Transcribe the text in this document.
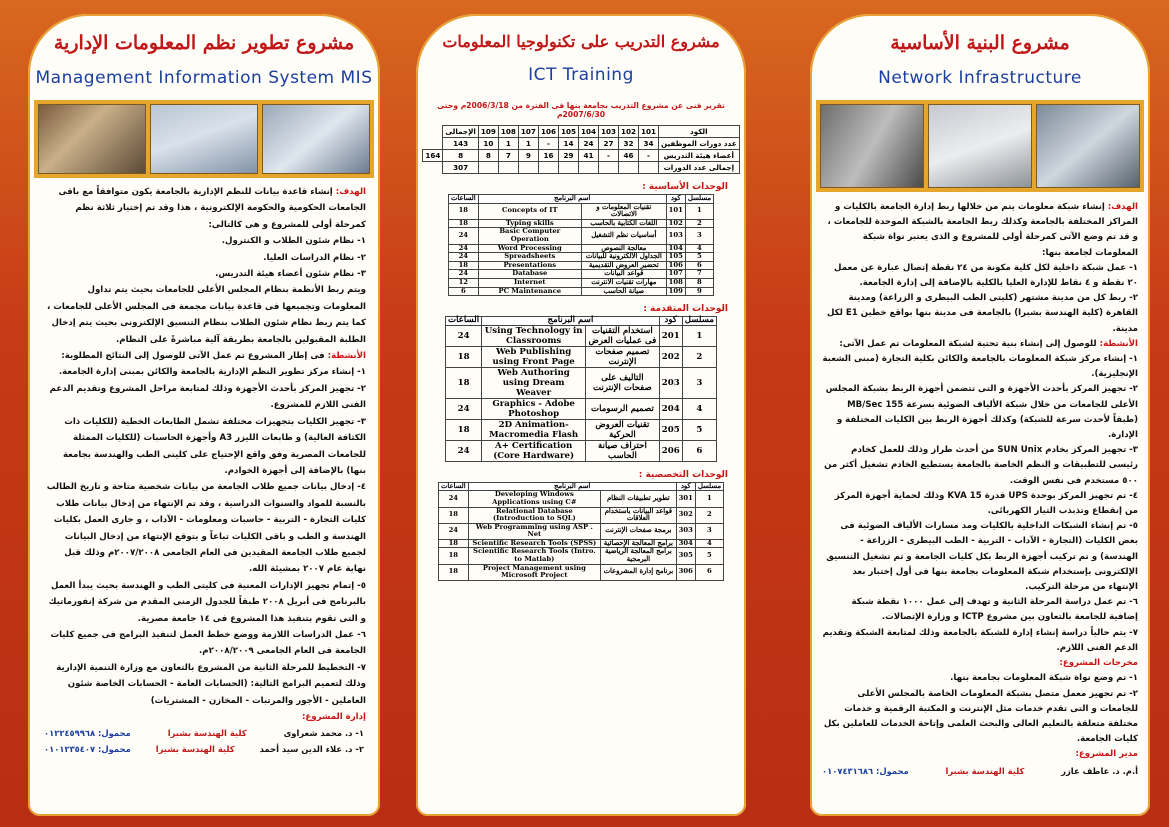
مشروع تطوير نظم المعلومات الإدارية
Management Information System MIS

الهدف: إنشاء قاعدة بيانات للنظم الإدارية بالجامعة يكون متوافقاً مع باقى الجامعات الحكومية والحكومة الإلكترونية ، هذا وقد تم إختيار ثلاثة نظم كمرحلة أولى للمشروع و هى كالتالى:

١- نظام شئون الطلاب و الكنترول.

٢- نظام الدراسات العليا.

٣- نظام شئون أعضاء هيئة التدريس.

ويتم ربط الأنظمة بنظام المجلس الأعلى للجامعات بحيث يتم تداول المعلومات وتجميعها فى قاعدة بيانات مجمعة فى المجلس الأعلى للجامعات ، كما يتم ربط نظام شئون الطلاب بنظام التنسيق الإلكترونى بحيث يتم إدخال الطلبة المقبولين بالجامعة بطريقة آلية مباشرةً على النظام.

الأنشطة: فى إطار المشروع تم عمل الآتى للوصول إلى النتائج المطلوبة:

١- إنشاء مركز تطوير النظم الإدارية بالجامعة والكائن بمبنى إدارة الجامعة.

٢- تجهيز المركز بأحدث الأجهزة وذلك لمتابعة مراحل المشروع وتقديم الدعم الفنى اللازم للمشروع.

٣- تجهيز الكليات بتجهيزات مختلفة تشمل الطابعات الخطية (للكليات ذات الكثافة العالية) و طابعات الليزر A3 وأجهزة الحاسبات (للكليات الممثلة للجامعات المصرية وفق واقع الإحتياج على كليتى الطب والهندسة بجامعة بنها) بالإضافة إلى أجهزة الخوادم.

٤- إدخال بيانات جميع طلاب الجامعة من بيانات شخصية متاحة و تاريخ الطالب بالنسبة للمواد والسنوات الدراسية ، وقد تم الإنتهاء من إدخال بيانات طلاب كليات التجارة - التربية - حاسبات ومعلومات - الآداب ، و جارى العمل بكليات الهندسة و الطب و باقى الكليات تباعاً و يتوقع الإنتهاء من إدخال البيانات لجميع طلاب الجامعة المقيدين فى العام الجامعى ٢٠٠٧/٢٠٠٨م وذلك قبل نهاية عام ٢٠٠٧ بمشيئة الله.

٥- إتمام تجهيز الإدارات المعنية فى كليتى الطب و الهندسة بحيث يبدأ العمل بالبرنامج فى أبريل ٢٠٠٨ طبقاً للجدول الزمنى المقدم من شركة إنفورماتيك و التى تقوم بتنفيذ هذا المشروع فى ١٤ جامعة مصرية.

٦- عمل الدراسات اللازمة ووضع خطط العمل لتنفيذ البرامج فى جميع كليات الجامعة فى العام الجامعى ٢٠٠٨/٢٠٠٩م.

٧- التخطيط للمرحلة الثانية من المشروع بالتعاون مع وزارة التنمية الإدارية وذلك لتعميم البرامج التالية: (الحسابات العامة - الحسابات الخاصة شئون العاملين - الأجور والمرتبات - المخازن - المشتريات)

إدارة المشروع:

١- د. محمد شعراوى
كلية الهندسة بشبرا
محمول: ٠١٢٢٤٥٩٩٦٨
٢- د. علاء الدين سيد أحمد
كلية الهندسة بشبرا
محمول: ٠١٠١٢٣٥٤٠٧
مشروع التدريب على تكنولوجيا المعلومات
ICT Training
تقرير فنى عن مشروع التدريب بجامعة بنها فى الفترة من 2006/3/18م وحتى 2007/6/30م
الكود	101	102	103	104	105	106	107	108	109	الإجمالى	
عدد دورات الموظفين	34	32	27	24	14	-	1	1	10	143	
أعضاء هيئة التدريس	-	46	-	41	29	16	9	7	8	8	164
إجمالى عدد الدورات										307	
الوحدات الأساسية :
مسلسل	كود	اسم البرنامج		الساعات
1	101	تقنيات المعلومات و الاتصالات	Concepts of IT	18
2	102	اللغات الكتابية بالحاسب	Typing skills	18
3	103	أساسيات نظم التشغيل	Basic Computer Operation	24
4	104	معالجة النصوص	Word Processing	24
5	105	الجداول الالكترونية للبيانات	Spreadsheets	24
6	106	تحضير العروض التقديمية	Presentations	18
7	107	قواعد البيانات	Database	24
8	108	مهارات تقنيات الانترنت	Internet	12
9	109	صيانة الحاسب	PC Maintenance	6
الوحدات المتقدمة :
مسلسل	كود	اسم البرنامج		الساعات
1	201	استخدام التقنيات فى عمليات العرض	Using Technology in Classrooms	24
2	202	تصميم صفحات الإنترنت	Web Publishing using Front Page	18
3	203	التاليف على صفحات الإنترنت	Web Authoring using Dream Weaver	18
4	204	تصميم الرسومات	Graphics - Adobe Photoshop	24
5	205	تقنيات العروض الحركية	2D Animation- Macromedia Flash	18
6	206	احتراف صيانة الحاسب	A+ Certification (Core Hardware)	24
الوحدات التخصصية :
مسلسل	كود	اسم البرنامج		الساعات
1	301	تطوير تطبيقات النظام	Developing Windows Applications using C#	24
2	302	قواعد البيانات باستخدام العلاقات	Relational Database (Introduction to SQL)	18
3	303	برمجة صفحات الإنترنت	Web Programming using ASP . Net	24
4	304	برامج المعالجة الإحصائية	Scientific Research Tools (SPSS)	18
5	305	برامج المعالجة الرياضية البرمجية	Scientific Research Tools (Intro. to Matlab)	18
6	306	برنامج إدارة المشروعات	Project Management using Microsoft Project	18
مشروع البنية الأساسية
Network Infrastructure

الهدف: إنشاء شبكة معلومات يتم من خلالها ربط إدارة الجامعة بالكليات و المراكز المختلفة بالجامعة وكذلك ربط الجامعة بالشبكة الموحدة للجامعات ، و قد تم وضع الآتى كمرحلة أولى للمشروع و الذى يعتبر نواة شبكة المعلومات لجامعة بنها:

١- عمل شبكة داخلية لكل كلية مكونة من ٢٤ نقطة إتصال عبارة عن معمل ٢٠ نقطة و ٤ نقاط للإدارة العليا بالكلية بالإضافة إلى إدارة الجامعة.

٢- ربط كل من مدينة مشتهر (كليتى الطب البيطرى و الزراعة) ومدينة القاهرة (كلية الهندسة بشبرا) بالجامعة فى مدينة بنها بواقع خطين E1 لكل مدينة.

الأنشطة: للوصول إلى إنشاء بنية تحتية لشبكة المعلومات تم عمل الآتى:

١- إنشاء مركز شبكة المعلومات بالجامعة والكائن بكلية التجارة (مبنى الشعبة الإنجليزية).

٢- تجهيز المركز بأحدث الأجهزة و التى تتضمن أجهزة الربط بشبكة المجلس الأعلى للجامعات من خلال شبكة الألياف الضوئية بسرعة 155 MB/Sec (طبقاً لأحدث سرعة للشبكة) وكذلك أجهزة الربط بين الكليات المختلفة و الإدارة.

٣- تجهيز المركز بخادم SUN Unix من أحدث طراز وذلك للعمل كخادم رئيسى للتطبيقات و النظم الخاصة بالجامعة يستطيع الخادم تشغيل أكثر من ٥٠٠ مستخدم فى نفس الوقت.

٤- تم تجهيز المركز بوحدة UPS قدرة 15 KVA وذلك لحماية أجهزة المركز من إنقطاع وتذبذب التيار الكهربائى.

٥- تم إنشاء الشبكات الداخلية بالكليات ومد مسارات الألياف الضوئية فى بعض الكليات (التجارة - الآداب - التربية - الطب البيطرى - الزراعة - الهندسة) و تم تركيب أجهزة الربط بكل كليات الجامعة و تم تشغيل التنسيق الإلكترونى بإستخدام شبكة المعلومات بجامعة بنها فى أول إختبار بعد الإنتهاء من مرحلة التركيب.

٦- تم عمل دراسة المرحلة الثانية و تهدف إلى عمل ١٠٠٠ نقطة شبكة إضافية للجامعة بالتعاون بين مشروع ICTP و وزارة الإتصالات.

٧- يتم حالياً دراسة إنشاء إدارة للشبكة بالجامعة وذلك لمتابعة الشبكة وتقديم الدعم الفنى اللازم.

مخرجات المشروع:

١- تم وضع نواة شبكة المعلومات بجامعة بنها.

٢- تم تجهيز معمل متصل بشبكة المعلومات الخاصة بالمجلس الأعلى للجامعات و التى تقدم خدمات مثل الإنترنت و المكتبة الرقمية و خدمات مختلفة متعلقة بالتعليم العالى والبحث العلمى وإتاحة الخدمات للعاملين بكل كليات الجامعة.

مدير المشروع:

أ.م. د. عاطف عازر
كلية الهندسة بشبرا
محمول: ٠١٠٧٤٣١٦٨٦
